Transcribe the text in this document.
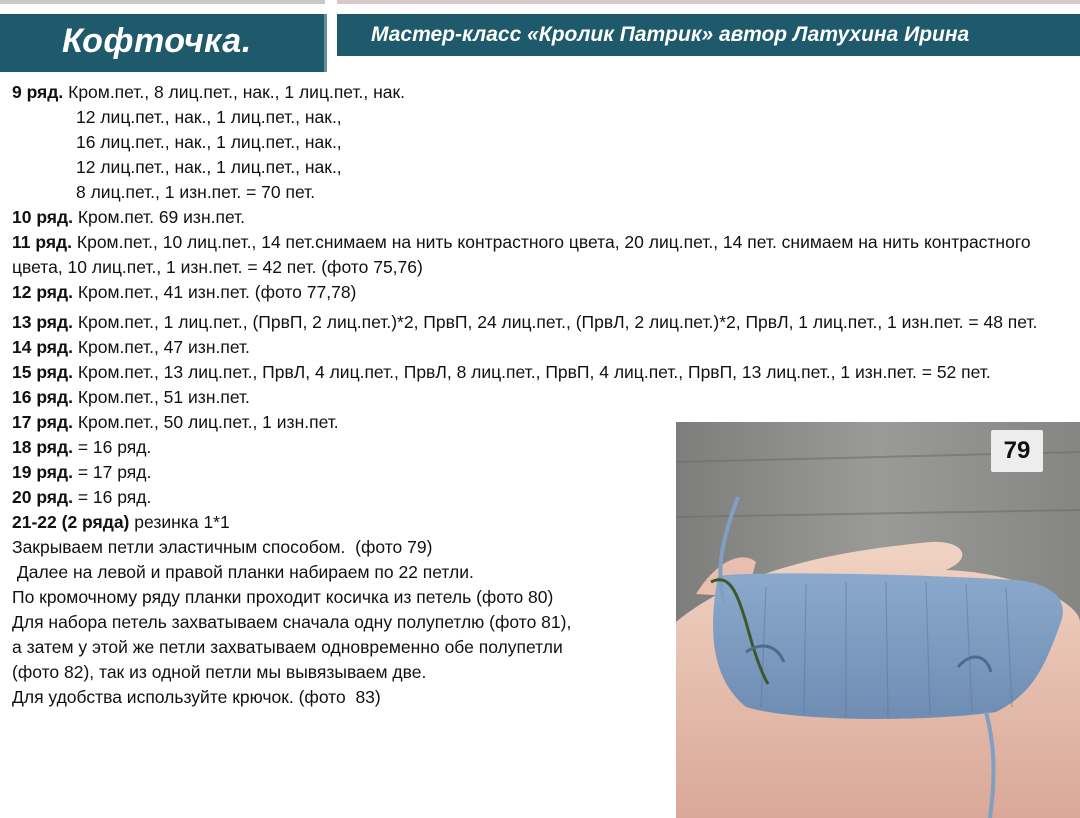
Кофточка.	Мастер-класс «Кролик Патрик» автор Латухина Ирина
9 ряд. Кром.пет., 8 лиц.пет., нак., 1 лиц.пет., нак.
12 лиц.пет., нак., 1 лиц.пет., нак.,
16 лиц.пет., нак., 1 лиц.пет., нак.,
12 лиц.пет., нак., 1 лиц.пет., нак.,
8 лиц.пет., 1 изн.пет. = 70 пет.
10 ряд. Кром.пет. 69 изн.пет.
11 ряд. Кром.пет., 10 лиц.пет., 14 пет.снимаем на нить контрастного цвета, 20 лиц.пет., 14 пет. снимаем на нить контрастного цвета, 10 лиц.пет., 1 изн.пет. = 42 пет. (фото 75,76)
12 ряд. Кром.пет., 41 изн.пет. (фото 77,78)
13 ряд. Кром.пет., 1 лиц.пет., (ПрвП, 2 лиц.пет.)*2, ПрвП, 24 лиц.пет., (ПрвЛ, 2 лиц.пет.)*2, ПрвЛ, 1 лиц.пет., 1 изн.пет. = 48 пет.
14 ряд. Кром.пет., 47 изн.пет.
15 ряд. Кром.пет., 13 лиц.пет., ПрвЛ, 4 лиц.пет., ПрвЛ, 8 лиц.пет., ПрвП, 4 лиц.пет., ПрвП, 13 лиц.пет., 1 изн.пет. = 52 пет.
16 ряд. Кром.пет., 51 изн.пет.
17 ряд. Кром.пет., 50 лиц.пет., 1 изн.пет.
18 ряд. = 16 ряд.
19 ряд. = 17 ряд.
20 ряд. = 16 ряд.
21-22 (2 ряда) резинка 1*1
Закрываем петли эластичным способом.  (фото 79)
Далее на левой и правой планки набираем по 22 петли.
По кромочному ряду планки проходит косичка из петель (фото 80)
Для набора петель захватываем сначала одну полупетлю (фото 81),
а затем у этой же петли захватываем одновременно обе полупетли
(фото 82), так из одной петли мы вывязываем две.
Для удобства используйте крючок. (фото  83)
79
